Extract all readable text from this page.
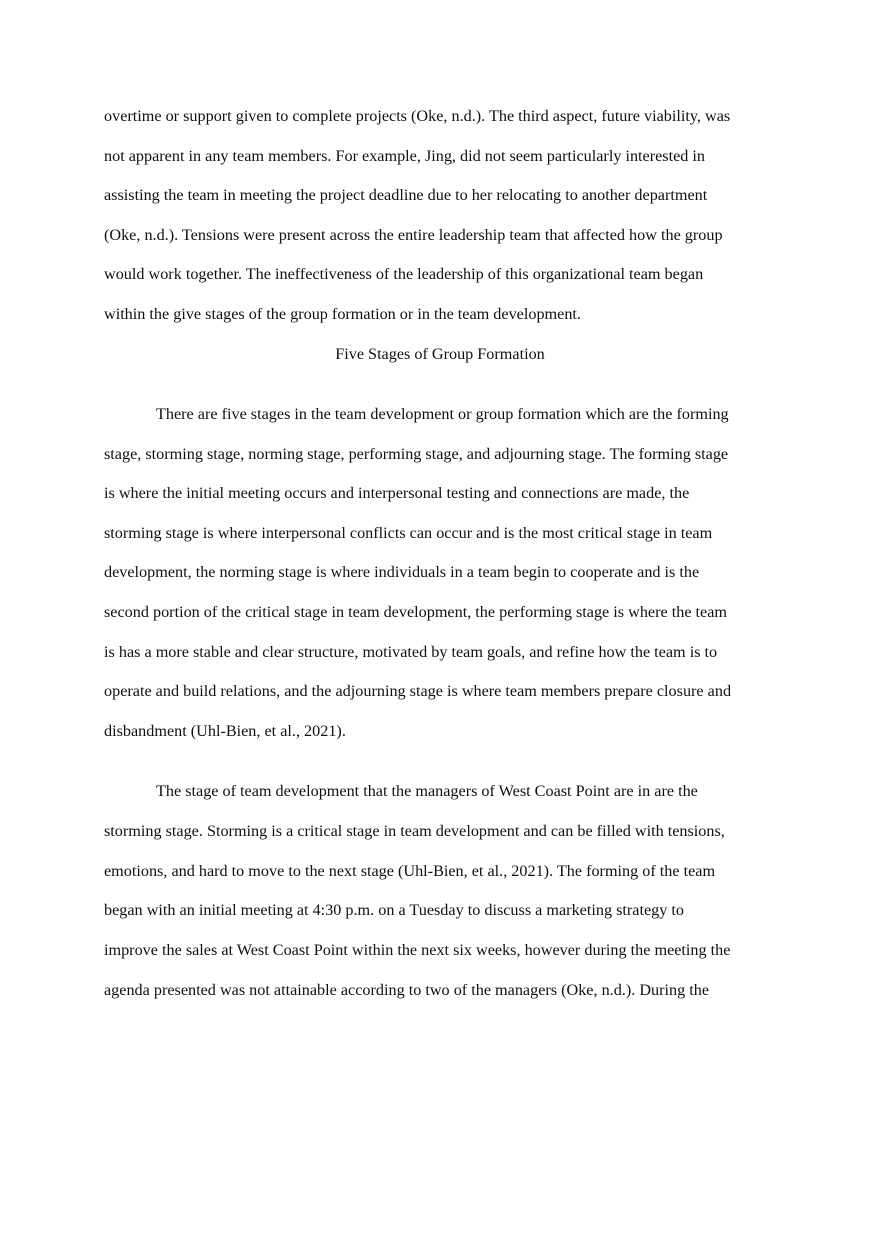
overtime or support given to complete projects (Oke, n.d.). The third aspect, future viability, was
not apparent in any team members. For example, Jing, did not seem particularly interested in
assisting the team in meeting the project deadline due to her relocating to another department
(Oke, n.d.). Tensions were present across the entire leadership team that affected how the group
would work together. The ineffectiveness of the leadership of this organizational team began
within the give stages of the group formation or in the team development.
Five Stages of Group Formation
There are five stages in the team development or group formation which are the forming
stage, storming stage, norming stage, performing stage, and adjourning stage. The forming stage
is where the initial meeting occurs and interpersonal testing and connections are made, the
storming stage is where interpersonal conflicts can occur and is the most critical stage in team
development, the norming stage is where individuals in a team begin to cooperate and is the
second portion of the critical stage in team development, the performing stage is where the team
is has a more stable and clear structure, motivated by team goals, and refine how the team is to
operate and build relations, and the adjourning stage is where team members prepare closure and
disbandment (Uhl-Bien, et al., 2021).
The stage of team development that the managers of West Coast Point are in are the
storming stage. Storming is a critical stage in team development and can be filled with tensions,
emotions, and hard to move to the next stage (Uhl-Bien, et al., 2021). The forming of the team
began with an initial meeting at 4:30 p.m. on a Tuesday to discuss a marketing strategy to
improve the sales at West Coast Point within the next six weeks, however during the meeting the
agenda presented was not attainable according to two of the managers (Oke, n.d.). During the
